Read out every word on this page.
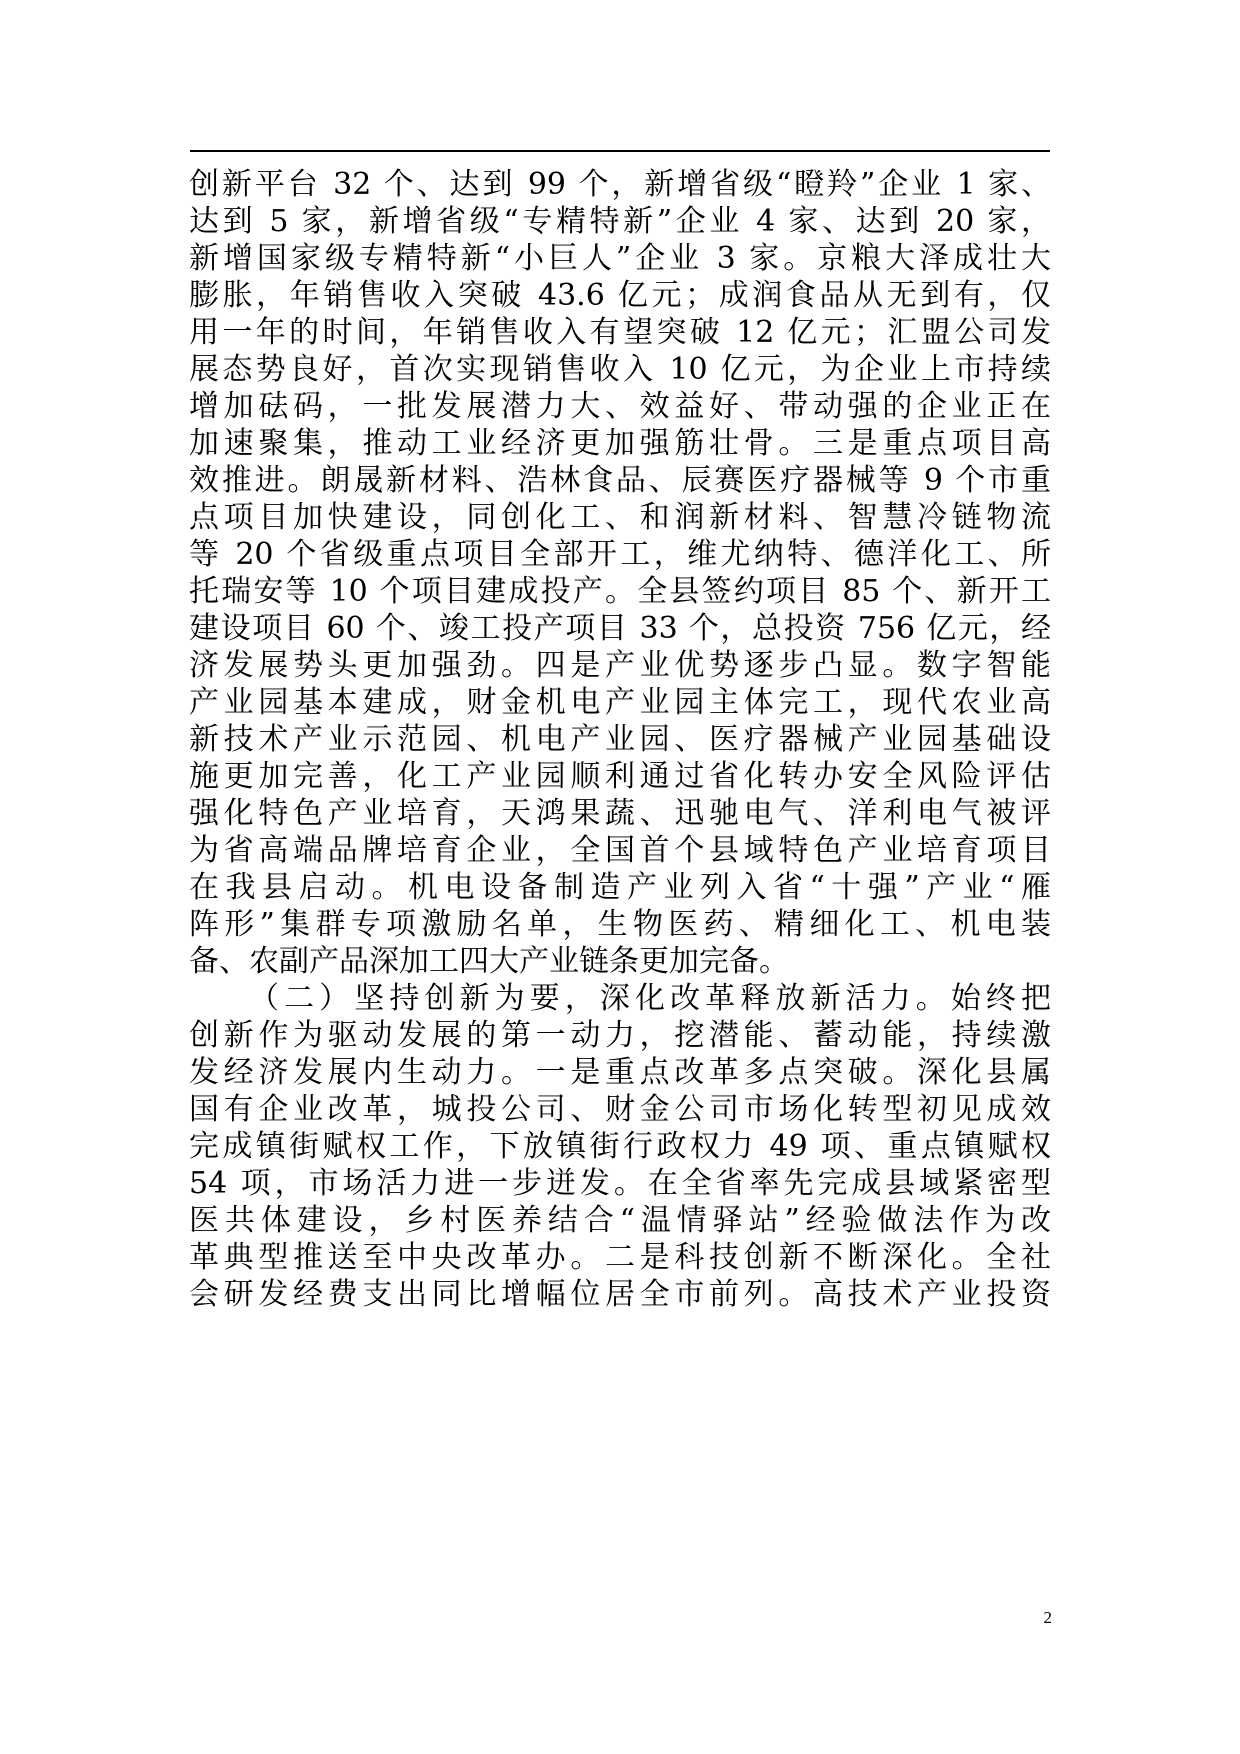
创新平台 32 个、达到 99 个，新增省级“瞪羚”企业 1 家、
达到 5 家，新增省级“专精特新”企业 4 家、达到 20 家，
新增国家级专精特新“小巨人”企业 3 家。京粮大泽成壮大
膨胀，年销售收入突破 43.6 亿元；成润食品从无到有，仅
用一年的时间，年销售收入有望突破 12 亿元；汇盟公司发
展态势良好，首次实现销售收入 10 亿元，为企业上市持续
增加砝码，一批发展潜力大、效益好、带动强的企业正在
加速聚集，推动工业经济更加强筋壮骨。三是重点项目高
效推进。朗晟新材料、浩林食品、辰赛医疗器械等 9 个市重
点项目加快建设，同创化工、和润新材料、智慧冷链物流
等 20 个省级重点项目全部开工，维尤纳特、德洋化工、所
托瑞安等 10 个项目建成投产。全县签约项目 85 个、新开工
建设项目 60 个、竣工投产项目 33 个，总投资 756 亿元，经
济发展势头更加强劲。四是产业优势逐步凸显。数字智能
产业园基本建成，财金机电产业园主体完工，现代农业高
新技术产业示范园、机电产业园、医疗器械产业园基础设
施更加完善，化工产业园顺利通过省化转办安全风险评估
强化特色产业培育，天鸿果蔬、迅驰电气、洋利电气被评
为省高端品牌培育企业，全国首个县域特色产业培育项目
在我县启动。机电设备制造产业列入省“十强”产业“雁
阵形”集群专项激励名单，生物医药、精细化工、机电装
备、农副产品深加工四大产业链条更加完备。
（二）坚持创新为要，深化改革释放新活力。始终把
创新作为驱动发展的第一动力，挖潜能、蓄动能，持续激
发经济发展内生动力。一是重点改革多点突破。深化县属
国有企业改革，城投公司、财金公司市场化转型初见成效
完成镇街赋权工作，下放镇街行政权力 49 项、重点镇赋权
54 项，市场活力进一步迸发。在全省率先完成县域紧密型
医共体建设，乡村医养结合“温情驿站”经验做法作为改
革典型推送至中央改革办。二是科技创新不断深化。全社
会研发经费支出同比增幅位居全市前列。高技术产业投资
2
